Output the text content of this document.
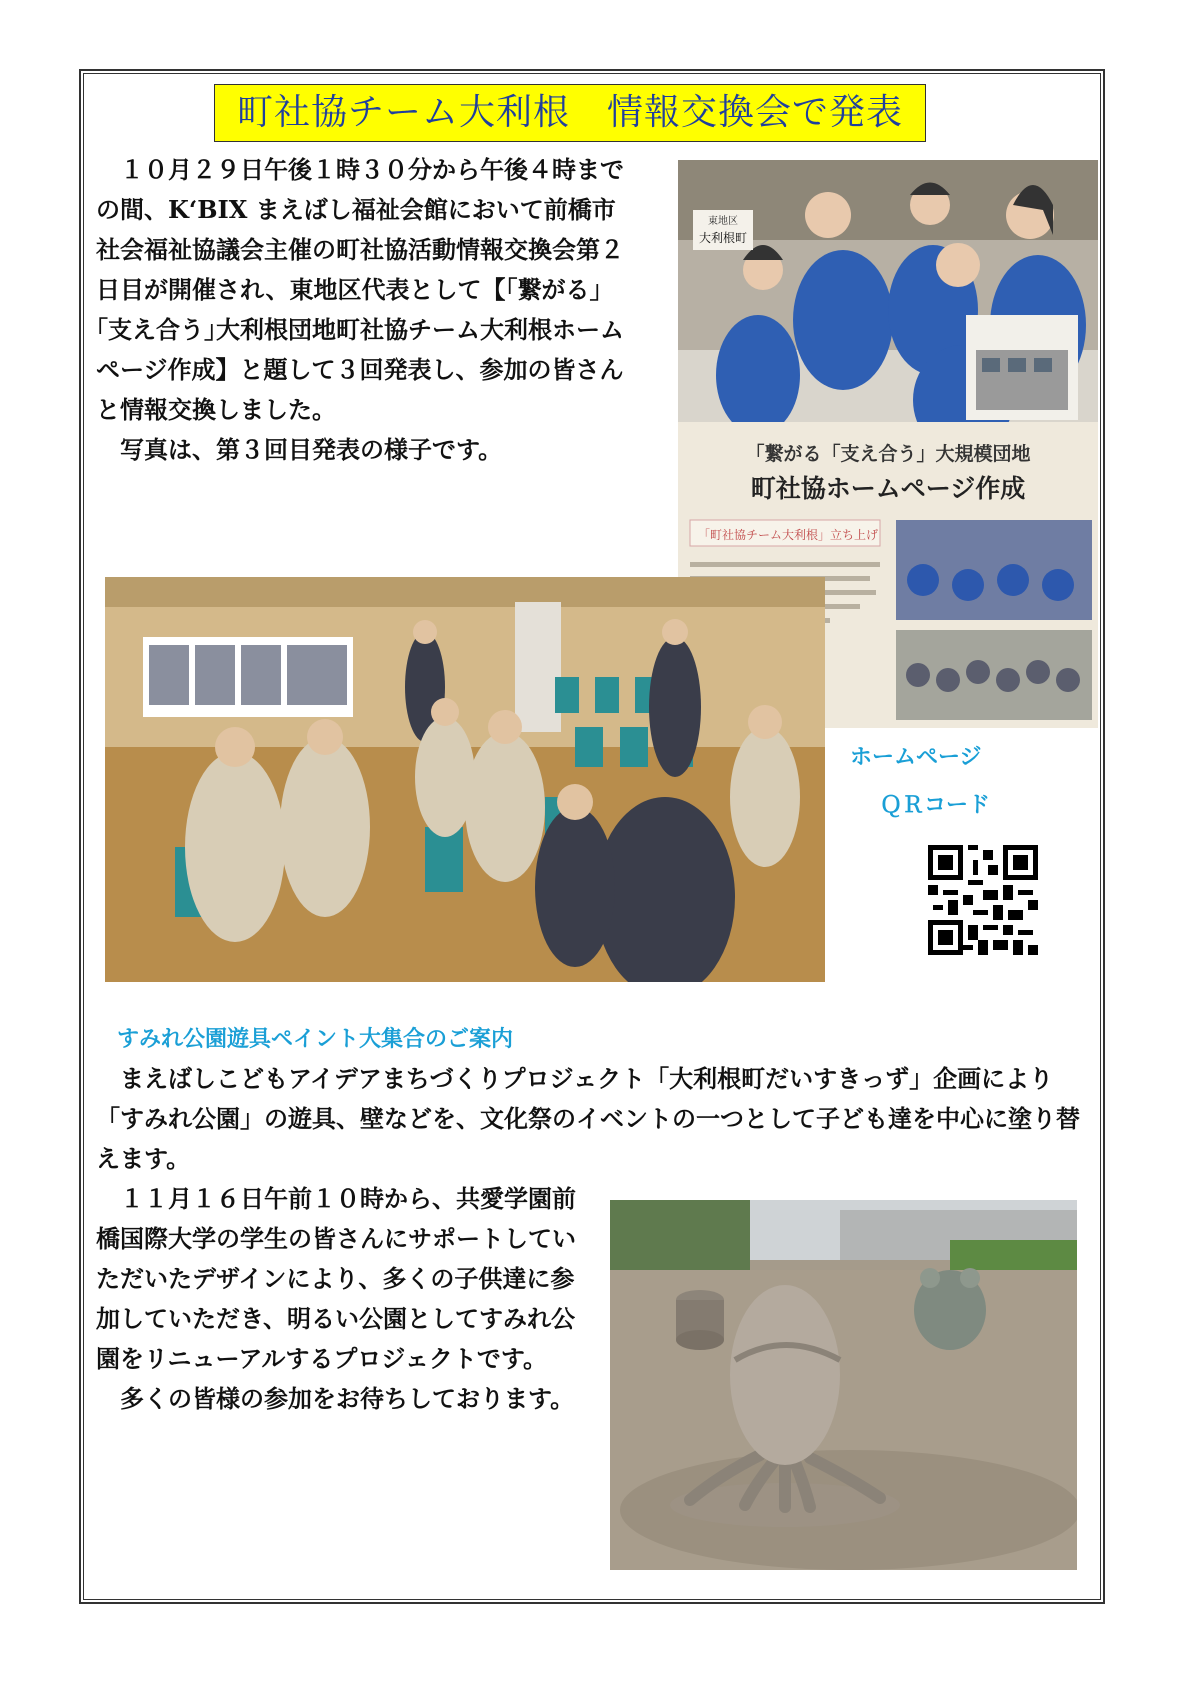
町社協チーム大利根　情報交換会で発表

１０月２９日午後１時３０分から午後４時までの間、K‘BIX まえばし福祉会館において前橋市社会福祉協議会主催の町社協活動情報交換会第２日目が開催され、東地区代表として【｢繋がる｣｢支え合う｣大利根団地町社協チーム大利根ホームページ作成】と題して３回発表し、参加の皆さんと情報交換しました。

写真は、第３回目発表の様子です。

東地区
大利根町
「繋がる「支え合う」大規模団地
町社協ホームページ作成
「町社協チーム大利根」立ち上げ
ホームページ
ＱＲコード
すみれ公園遊具ペイント大集合のご案内

まえばしこどもアイデアまちづくりプロジェクト「大利根町だいすきっず」企画により「すみれ公園」の遊具、壁などを、文化祭のイベントの一つとして子ども達を中心に塗り替えます。

１１月１６日午前１０時から、共愛学園前橋国際大学の学生の皆さんにサポートしていただいたデザインにより、多くの子供達に参加していただき、明るい公園としてすみれ公園をリニューアルするプロジェクトです。

多くの皆様の参加をお待ちしております。
